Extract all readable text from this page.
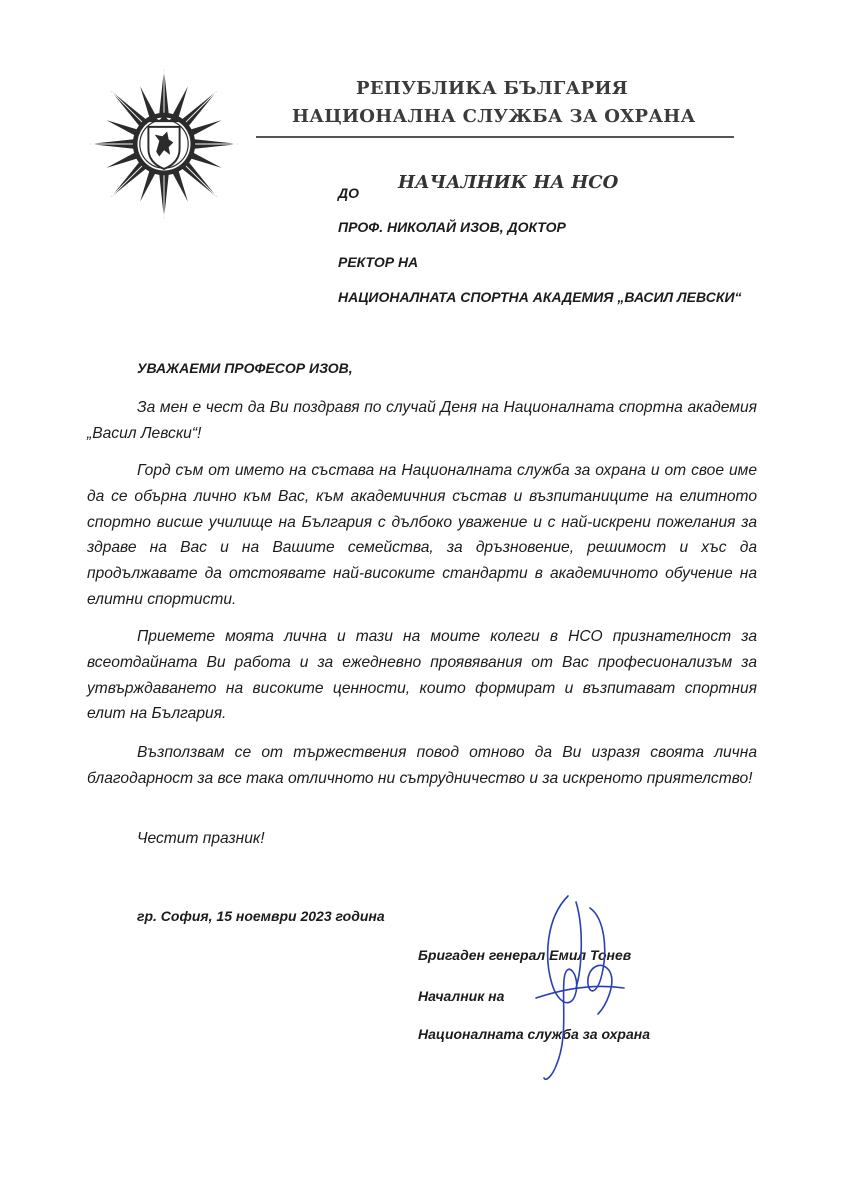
РЕПУБЛИКА БЪЛГАРИЯ
НАЦИОНАЛНА СЛУЖБА ЗА ОХРАНА
НАЧАЛНИК НА НСО
ДО
ПРОФ. НИКОЛАЙ ИЗОВ, ДОКТОР
РЕКТОР НА
НАЦИОНАЛНАТА СПОРТНА АКАДЕМИЯ „ВАСИЛ ЛЕВСКИ“
УВАЖАЕМИ ПРОФЕСОР ИЗОВ,

За мен е чест да Ви поздравя по случай Деня на Националната спортна академия „Васил Левски“!

Горд съм от името на състава на Националната служба за охрана и от свое име да се обърна лично към Вас, към академичния състав и възпитаниците на елитното спортно висше училище на България с дълбоко уважение и с най-искрени пожелания за здраве на Вас и на Вашите семейства, за дръзновение, решимост и хъс да продължавате да отстоявате най-високите стандарти в академичното обучение на елитни спортисти.

Приемете моята лична и тази на моите колеги в НСО признателност за всеотдайната Ви работа и за ежедневно проявявания от Вас професионализъм за утвърждаването на високите ценности, които формират и възпитават спортния елит на България.

Възползвам се от тържествения повод отново да Ви изразя своята лична благодарност за все така отличното ни сътрудничество и за искреното приятелство!

Честит празник!
гр. София, 15 ноември 2023 година
Бригаден генерал Емил Тонев
Началник на
Националната служба за охрана
